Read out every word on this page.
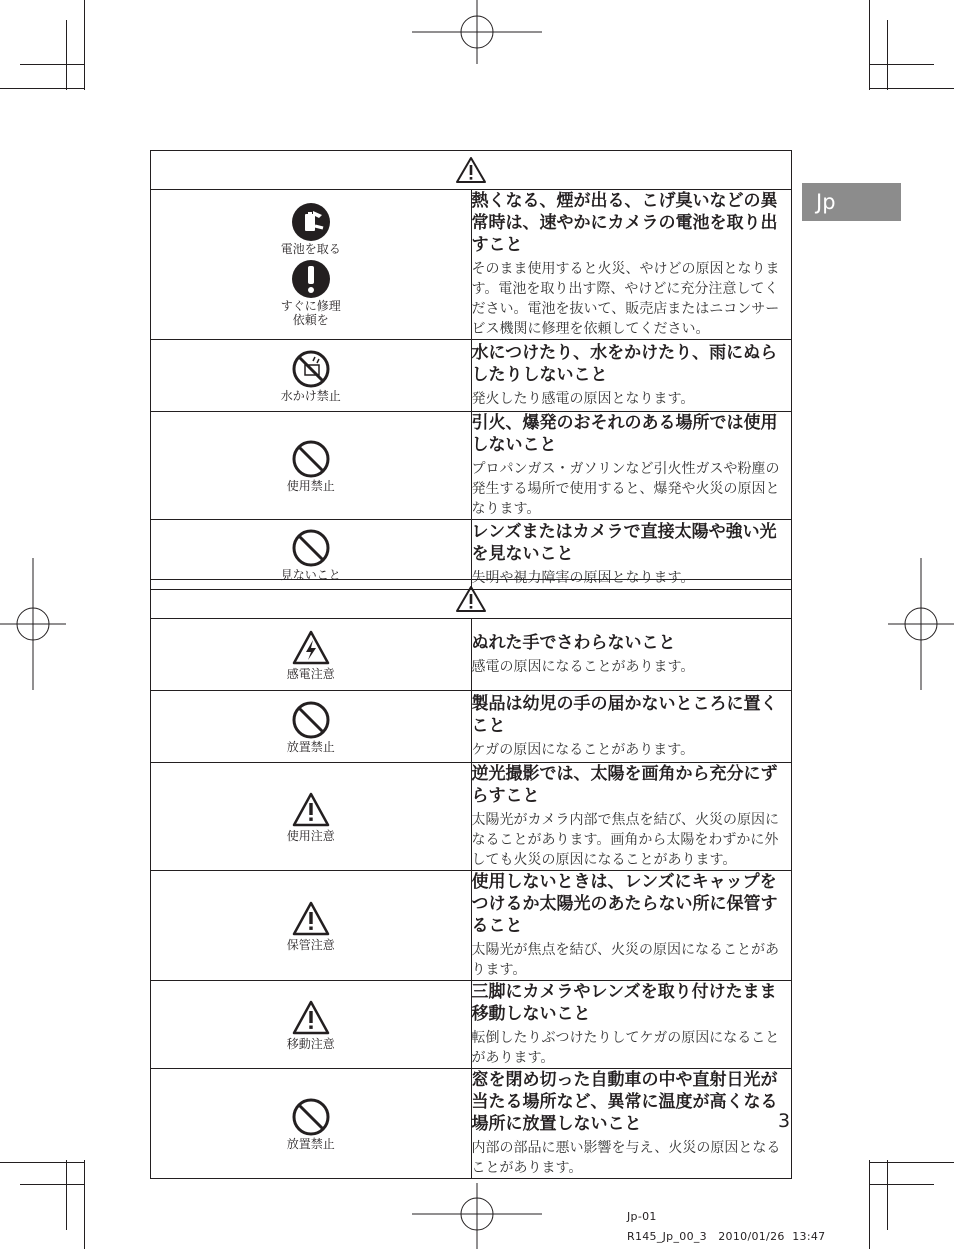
Jp

電池を取る
すぐに修理依頼を	熱くなる、煙が出る、こげ臭いなどの異常時は、速やかにカメラの電池を取り出すこと
そのまま使用すると火災、やけどの原因となります。電池を取り出す際、やけどに充分注意してください。電池を抜いて、販売店またはニコンサービス機関に修理を依頼してください。

水かけ禁止	水につけたり、水をかけたり、雨にぬらしたりしないこと
発火したり感電の原因となります。

使用禁止	引火、爆発のおそれのある場所では使用しないこと
プロパンガス・ガソリンなど引火性ガスや粉塵の発生する場所で使用すると、爆発や火災の原因となります。

見ないこと	レンズまたはカメラで直接太陽や強い光を見ないこと
失明や視力障害の原因となります。

感電注意	ぬれた手でさわらないこと
感電の原因になることがあります。

放置禁止	製品は幼児の手の届かないところに置くこと
ケガの原因になることがあります。

使用注意	逆光撮影では、太陽を画角から充分にずらすこと
太陽光がカメラ内部で焦点を結び、火災の原因になることがあります。画角から太陽をわずかに外しても火災の原因になることがあります。

保管注意	使用しないときは、レンズにキャップをつけるか太陽光のあたらない所に保管すること
太陽光が焦点を結び、火災の原因になることがあります。

移動注意	三脚にカメラやレンズを取り付けたまま移動しないこと
転倒したりぶつけたりしてケガの原因になることがあります。

放置禁止	窓を閉め切った自動車の中や直射日光が当たる場所など、異常に温度が高くなる場所に放置しないこと
内部の部品に悪い影響を与え、火災の原因となることがあります。
3
Jp-01
R145_Jp_00_3　2010/01/26  13:47
